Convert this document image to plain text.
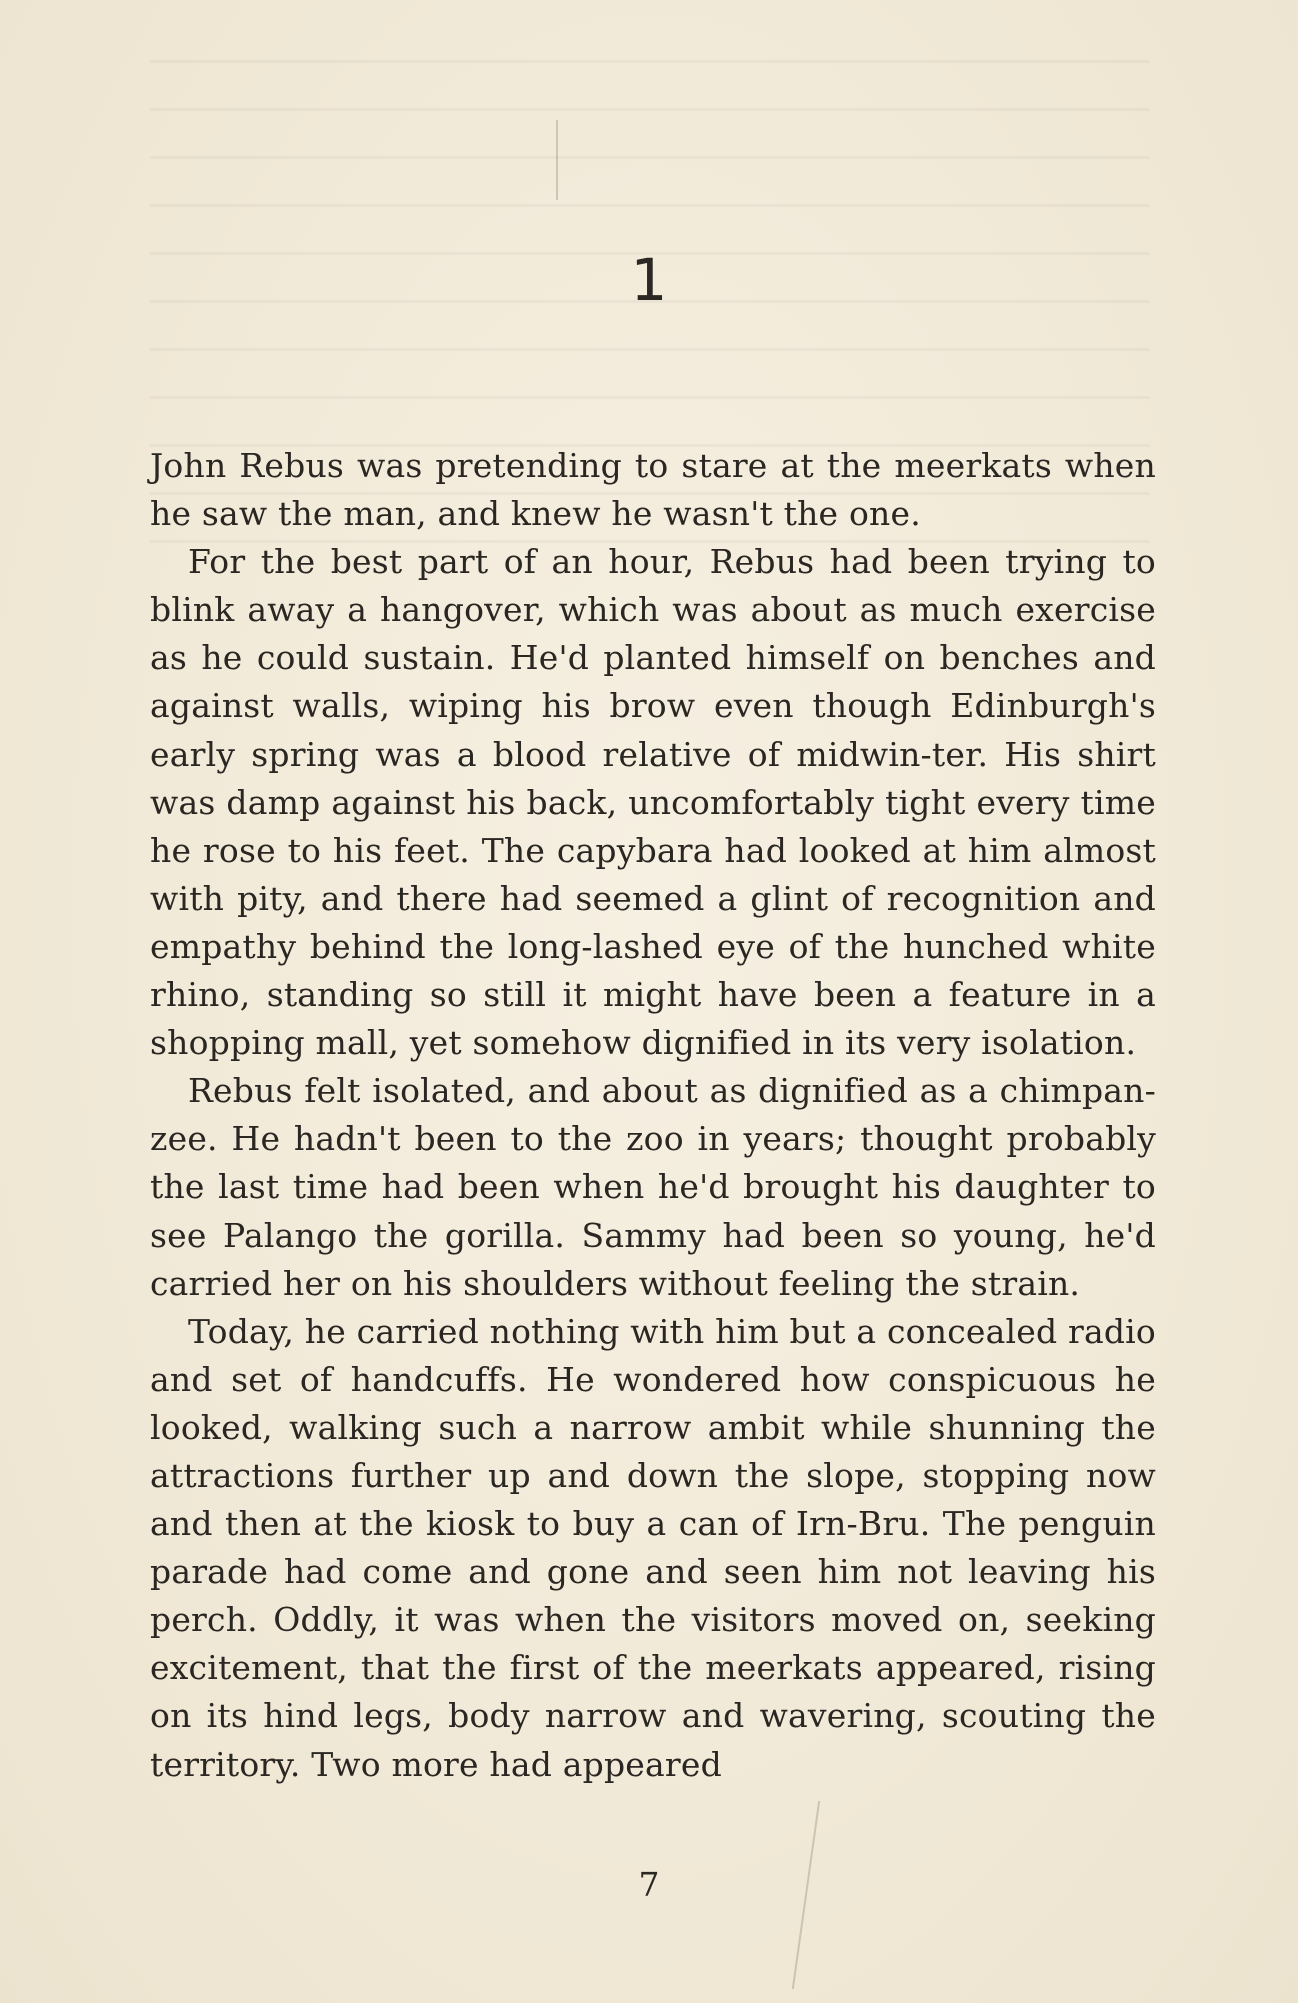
1

John Rebus was pretending to stare at the meerkats when he saw the man, and knew he wasn't the one.

For the best part of an hour, Rebus had been trying to blink away a hangover, which was about as much exercise as he could sustain. He'd planted himself on benches and against walls, wiping his brow even though Edinburgh's early spring was a blood relative of midwin-ter. His shirt was damp against his back, uncomfortably tight every time he rose to his feet. The capybara had looked at him almost with pity, and there had seemed a glint of recognition and empathy behind the long-lashed eye of the hunched white rhino, standing so still it might have been a feature in a shopping mall, yet somehow dignified in its very isolation.

Rebus felt isolated, and about as dignified as a chimpan-zee. He hadn't been to the zoo in years; thought probably the last time had been when he'd brought his daughter to see Palango the gorilla. Sammy had been so young, he'd carried her on his shoulders without feeling the strain.

Today, he carried nothing with him but a concealed radio and set of handcuffs. He wondered how conspicuous he looked, walking such a narrow ambit while shunning the attractions further up and down the slope, stopping now and then at the kiosk to buy a can of Irn-Bru. The penguin parade had come and gone and seen him not leaving his perch. Oddly, it was when the visitors moved on, seeking excitement, that the first of the meerkats appeared, rising on its hind legs, body narrow and wavering, scouting the territory. Two more had appeared

7
